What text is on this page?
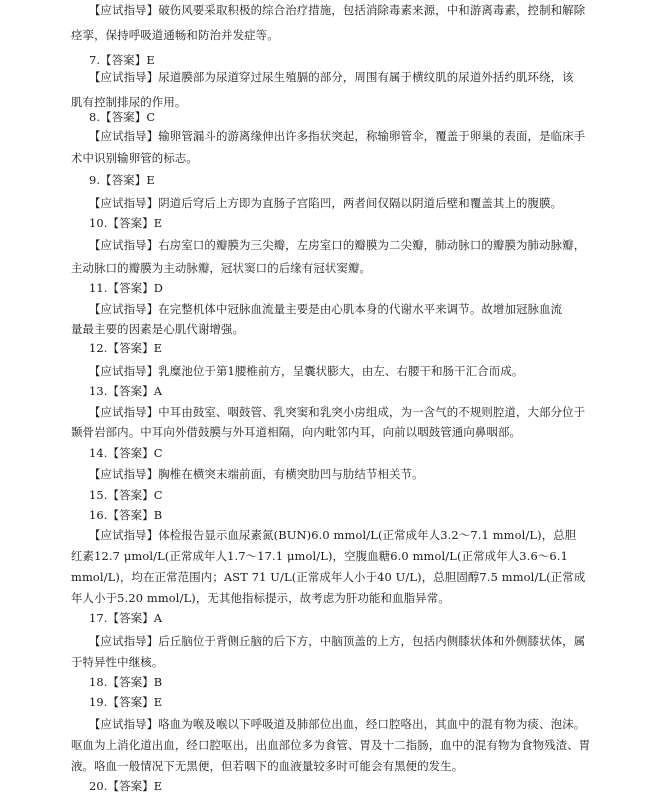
【应试指导】破伤风要采取积极的综合治疗措施，包括消除毒素来源，中和游离毒素，控制和解除
痉挛，保持呼吸道通畅和防治并发症等。
7.【答案】E
【应试指导】尿道膜部为尿道穿过尿生殖膈的部分，周围有属于横纹肌的尿道外括约肌环绕，该
肌有控制排尿的作用。
8.【答案】C
【应试指导】输卵管漏斗的游离缘伸出许多指状突起，称输卵管伞，覆盖于卵巢的表面，是临床手
术中识别输卵管的标志。
9.【答案】E
【应试指导】阴道后穹后上方即为直肠子宫陷凹，两者间仅隔以阴道后壁和覆盖其上的腹膜。
10.【答案】E
【应试指导】右房室口的瓣膜为三尖瓣，左房室口的瓣膜为二尖瓣，肺动脉口的瓣膜为肺动脉瓣，
主动脉口的瓣膜为主动脉瓣，冠状窦口的后缘有冠状窦瓣。
11.【答案】D
【应试指导】在完整机体中冠脉血流量主要是由心肌本身的代谢水平来调节。故增加冠脉血流
量最主要的因素是心肌代谢增强。
12.【答案】E
【应试指导】乳糜池位于第1腰椎前方，呈囊状膨大，由左、右腰干和肠干汇合而成。
13.【答案】A
【应试指导】中耳由鼓室、咽鼓管、乳突窦和乳突小房组成，为一含气的不规则腔道，大部分位于
颞骨岩部内。中耳向外借鼓膜与外耳道相隔，向内毗邻内耳，向前以咽鼓管通向鼻咽部。
14.【答案】C
【应试指导】胸椎在横突末端前面，有横突肋凹与肋结节相关节。
15.【答案】C
16.【答案】B
【应试指导】体检报告显示血尿素氮(BUN)6.0 mmol/L(正常成年人3.2～7.1 mmol/L)，总胆
红素12.7 μmol/L(正常成年人1.7～17.1 μmol/L)，空腹血糖6.0 mmol/L(正常成年人3.6～6.1
mmol/L)，均在正常范围内；AST 71 U/L(正常成年人小于40 U/L)，总胆固醇7.5 mmol/L(正常成
年人小于5.20 mmol/L)，无其他指标提示，故考虑为肝功能和血脂异常。
17.【答案】A
【应试指导】后丘脑位于背侧丘脑的后下方，中脑顶盖的上方，包括内侧膝状体和外侧膝状体，属
于特异性中继核。
18.【答案】B
19.【答案】E
【应试指导】咯血为喉及喉以下呼吸道及肺部位出血，经口腔咯出，其血中的混有物为痰、泡沫。
呕血为上消化道出血，经口腔呕出，出血部位多为食管、胃及十二指肠，血中的混有物为食物残渣、胃
液。咯血一般情况下无黑便，但若咽下的血液量较多时可能会有黑便的发生。
20.【答案】E
